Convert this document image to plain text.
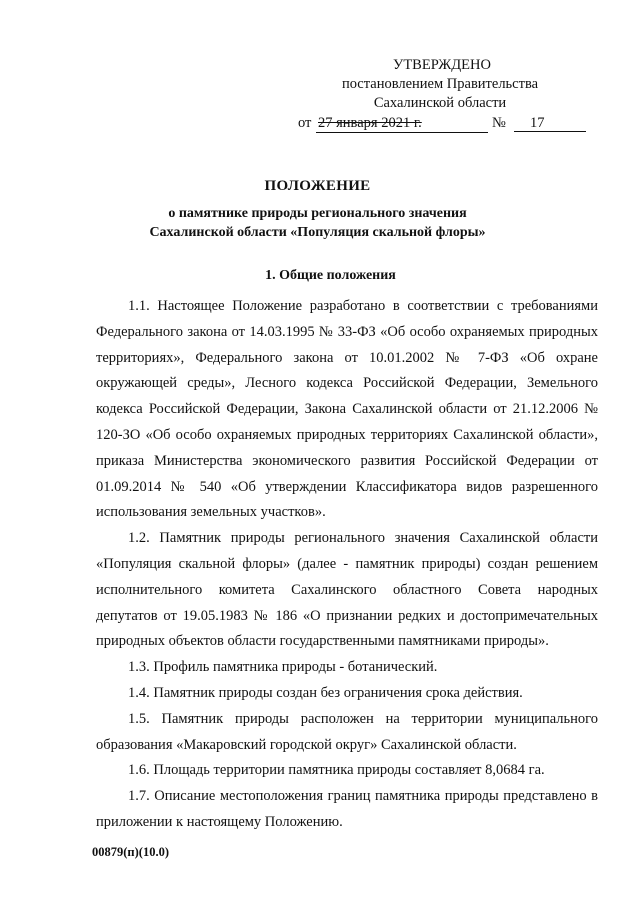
УТВЕРЖДЕНО
постановлением Правительства
Сахалинской области
от 27 января 2021 г.	№	17
ПОЛОЖЕНИЕ
о памятнике природы регионального значения
Сахалинской области «Популяция скальной флоры»
1. Общие положения

1.1. Настоящее Положение разработано в соответствии с требованиями Федерального закона от 14.03.1995 № 33-ФЗ «Об особо охраняемых природных территориях», Федерального закона от 10.01.2002 № 7-ФЗ «Об охране окружающей среды», Лесного кодекса Российской Федерации, Земельного кодекса Российской Федерации, Закона Сахалинской области от 21.12.2006 № 120-ЗО «Об особо охраняемых природных территориях Сахалинской области», приказа Министерства экономического развития Российской Федерации от 01.09.2014 № 540 «Об утверждении Классификатора видов разрешенного использования земельных участков».

1.2. Памятник природы регионального значения Сахалинской области «Популяция скальной флоры» (далее - памятник природы) создан решением исполнительного комитета Сахалинского областного Совета народных депутатов от 19.05.1983 № 186 «О признании редких и достопримечательных природных объектов области государственными памятниками природы».

1.3. Профиль памятника природы - ботанический.

1.4. Памятник природы создан без ограничения срока действия.

1.5. Памятник природы расположен на территории муниципального образования «Макаровский городской округ» Сахалинской области.

1.6. Площадь территории памятника природы составляет 8,0684 га.

1.7. Описание местоположения границ памятника природы представлено в приложении к настоящему Положению.

00879(п)(10.0)
